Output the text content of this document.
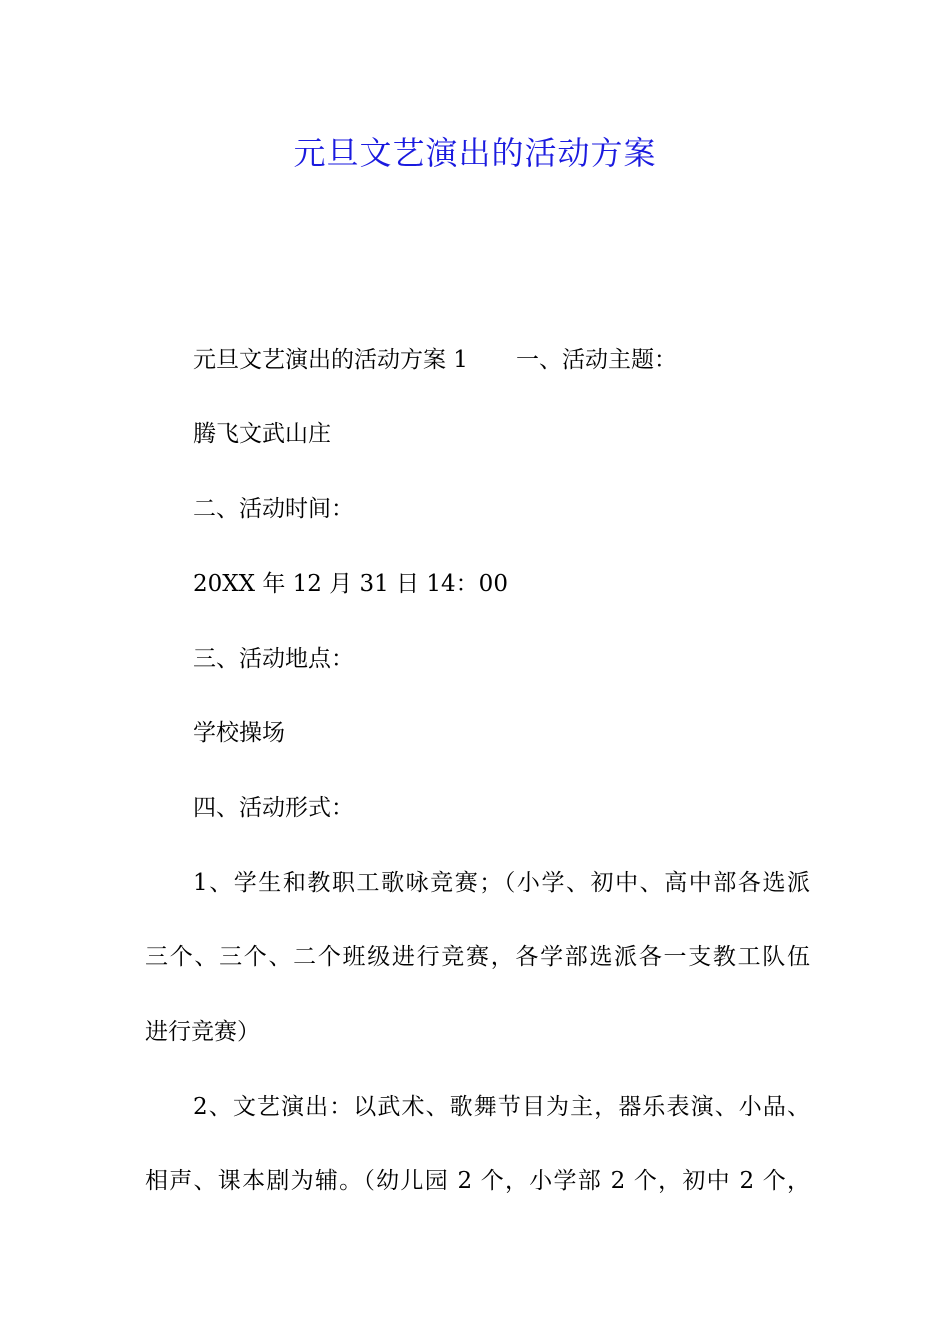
元旦文艺演出的活动方案

元旦文艺演出的活动方案 1 一、活动主题：

腾飞文武山庄

二、活动时间：

20XX 年 12 月 31 日 14：00

三、活动地点：

学校操场

四、活动形式：

1、学生和教职工歌咏竞赛；（小学、初中、高中部各选派

三个、三个、二个班级进行竞赛，各学部选派各一支教工队伍

进行竞赛）

2、文艺演出：以武术、歌舞节目为主，器乐表演、小品、

相声、课本剧为辅。（幼儿园 2 个，小学部 2 个，初中 2 个，
